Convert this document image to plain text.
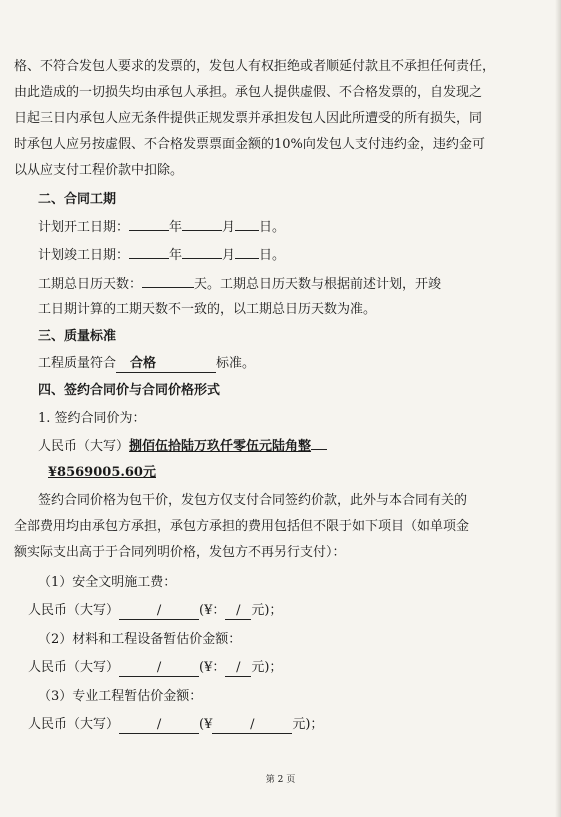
格、不符合发包人要求的发票的，发包人有权拒绝或者顺延付款且不承担任何责任，
由此造成的一切损失均由承包人承担。承包人提供虚假、不合格发票的，自发现之
日起三日内承包人应无条件提供正规发票并承担发包人因此所遭受的所有损失，同
时承包人应另按虚假、不合格发票票面金额的10%向发包人支付违约金，违约金可
以从应支付工程价款中扣除。
二、合同工期
计划开工日期：	年	月 日。
计划竣工日期：	年	月 日。
工期总日历天数：	天。工期总日历天数与根据前述计划，开竣
工日期计算的工期天数不一致的，以工期总日历天数为准。
三、质量标准
工程质量符合 合格	标准。
四、签约合同价与合同价格形式
1. 签约合同价为：
人民币（大写）捌佰伍拾陆万玖仟零伍元陆角整
¥8569005.60元
签约合同价格为包干价，发包方仅支付合同签约价款，此外与本合同有关的
全部费用均由承包方承担，承包方承担的费用包括但不限于如下项目（如单项金
额实际支出高于于合同列明价格，发包方不再另行支付）：
（1）安全文明施工费：
人民币（大写）	/	(¥： / 元)；
（2）材料和工程设备暂估价金额：
人民币（大写）	/	(¥： / 元)；
（3）专业工程暂估价金额：
人民币（大写）	/	(¥	/	元)；
第 2 页
